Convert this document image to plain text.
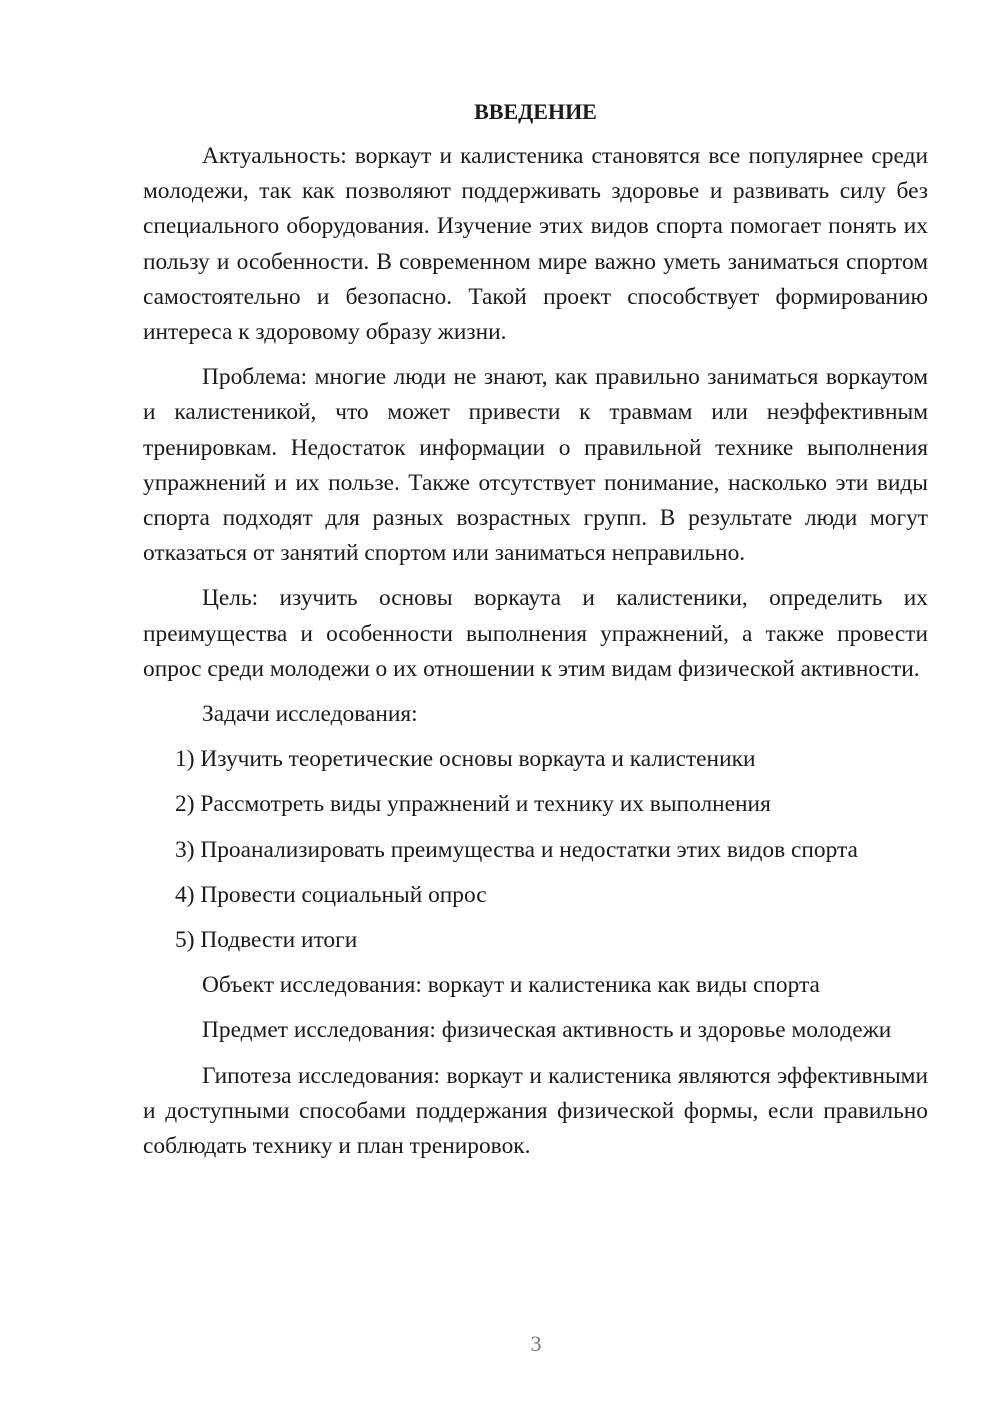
ВВЕДЕНИЕ

Актуальность: воркаут и калистеника становятся все популярнее среди молодежи, так как позволяют поддерживать здоровье и развивать силу без специального оборудования. Изучение этих видов спорта помогает понять их пользу и особенности. В современном мире важно уметь заниматься спортом самостоятельно и безопасно. Такой проект способствует формированию интереса к здоровому образу жизни.

Проблема: многие люди не знают, как правильно заниматься воркаутом и калистеникой, что может привести к травмам или неэффективным тренировкам. Недостаток информации о правильной технике выполнения упражнений и их пользе. Также отсутствует понимание, насколько эти виды спорта подходят для разных возрастных групп. В результате люди могут отказаться от занятий спортом или заниматься неправильно.

Цель: изучить основы воркаута и калистеники, определить их преимущества и особенности выполнения упражнений, а также провести опрос среди молодежи о их отношении к этим видам физической активности.

Задачи исследования:

1) Изучить теоретические основы воркаута и калистеники
2) Рассмотреть виды упражнений и технику их выполнения
3) Проанализировать преимущества и недостатки этих видов спорта
4) Провести социальный опрос
5) Подвести итоги

Объект исследования: воркаут и калистеника как виды спорта

Предмет исследования: физическая активность и здоровье молодежи

Гипотеза исследования: воркаут и калистеника являются эффективными и доступными способами поддержания физической формы, если правильно соблюдать технику и план тренировок.

3
